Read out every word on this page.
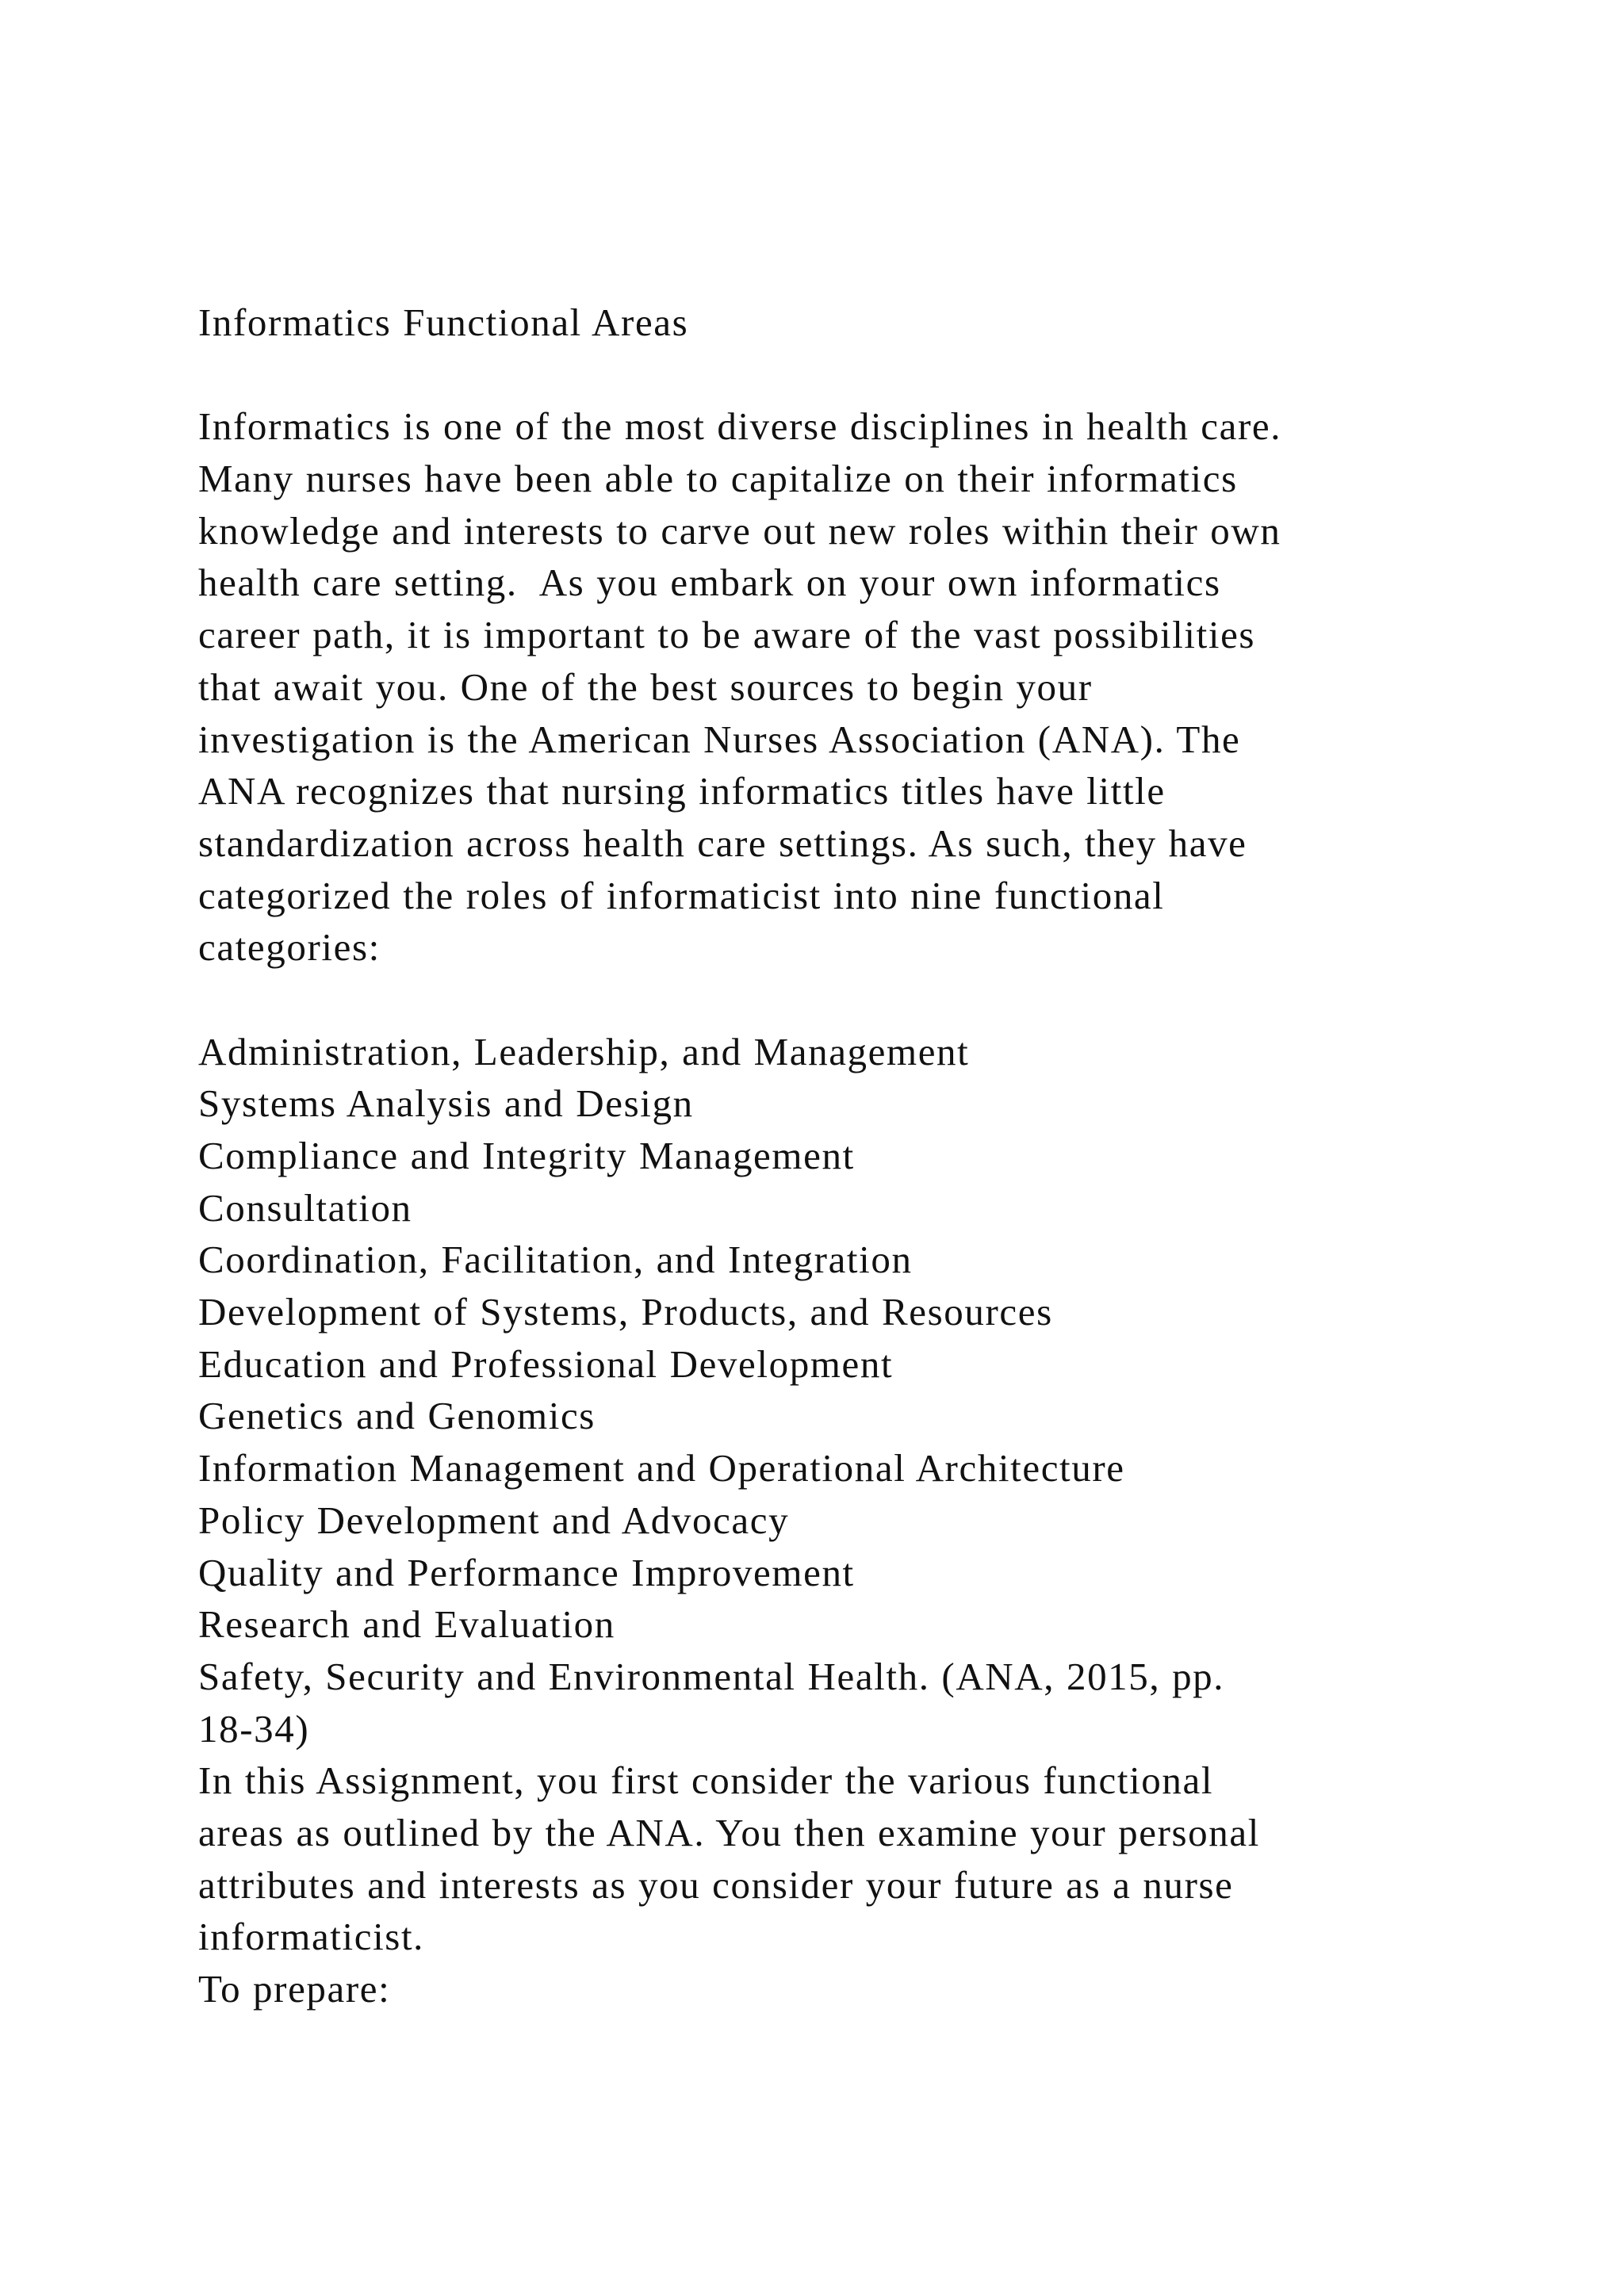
Informatics Functional Areas
Informatics is one of the most diverse disciplines in health care.
Many nurses have been able to capitalize on their informatics
knowledge and interests to carve out new roles within their own
health care setting.  As you embark on your own informatics
career path, it is important to be aware of the vast possibilities
that await you. One of the best sources to begin your
investigation is the American Nurses Association (ANA). The
ANA recognizes that nursing informatics titles have little
standardization across health care settings. As such, they have
categorized the roles of informaticist into nine functional
categories:
Administration, Leadership, and Management
Systems Analysis and Design
Compliance and Integrity Management
Consultation
Coordination, Facilitation, and Integration
Development of Systems, Products, and Resources
Education and Professional Development
Genetics and Genomics
Information Management and Operational Architecture
Policy Development and Advocacy
Quality and Performance Improvement
Research and Evaluation
Safety, Security and Environmental Health. (ANA, 2015, pp.
18-34)
In this Assignment, you first consider the various functional
areas as outlined by the ANA. You then examine your personal
attributes and interests as you consider your future as a nurse
informaticist.
To prepare:
